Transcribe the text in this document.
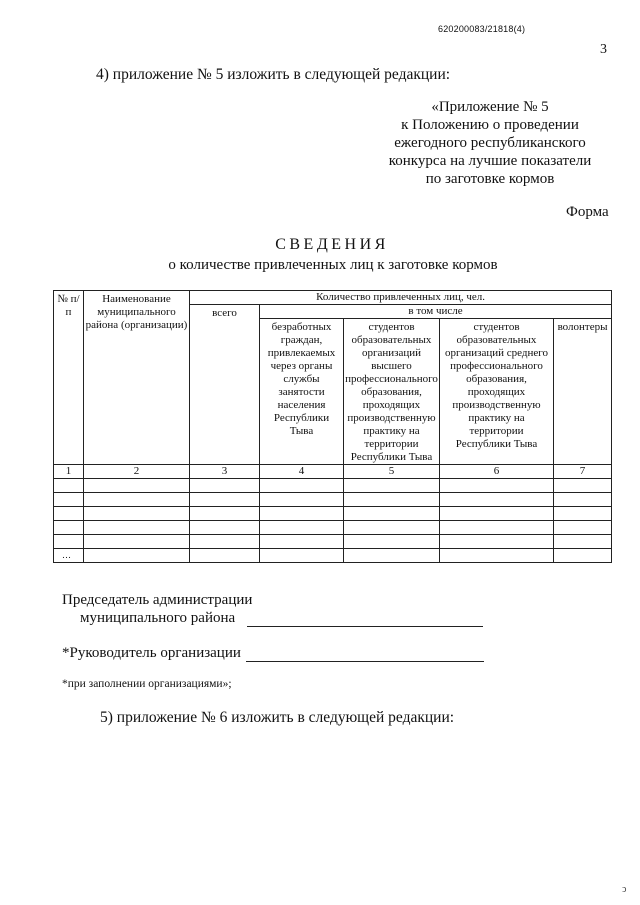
620200083/21818(4)
3
4) приложение № 5 изложить в следующей редакции:
«Приложение № 5
к Положению о проведении
ежегодного республиканского
конкурса на лучшие показатели
по заготовке кормов
Форма
СВЕДЕНИЯ
о количестве привлеченных лиц к заготовке кормов
№ п/п	Наименование муниципального района (организации)	Количество привлеченных лиц, чел.				
		всего	в том числе			
			безработных граждан, привлекаемых через органы службы занятости населения Республики Тыва	студентов образовательных организаций высшего профессионального образования, проходящих производственную практику на территории Республики Тыва	студентов образовательных организаций среднего профессионального образования, проходящих производственную практику на территории Республики Тыва	волонтеры
1	2	3	4	5	6	7

…						
Председатель администрации
муниципального района
*Руководитель организации
*при заполнении организациями»;
5) приложение № 6 изложить в следующей редакции:
ↄ
